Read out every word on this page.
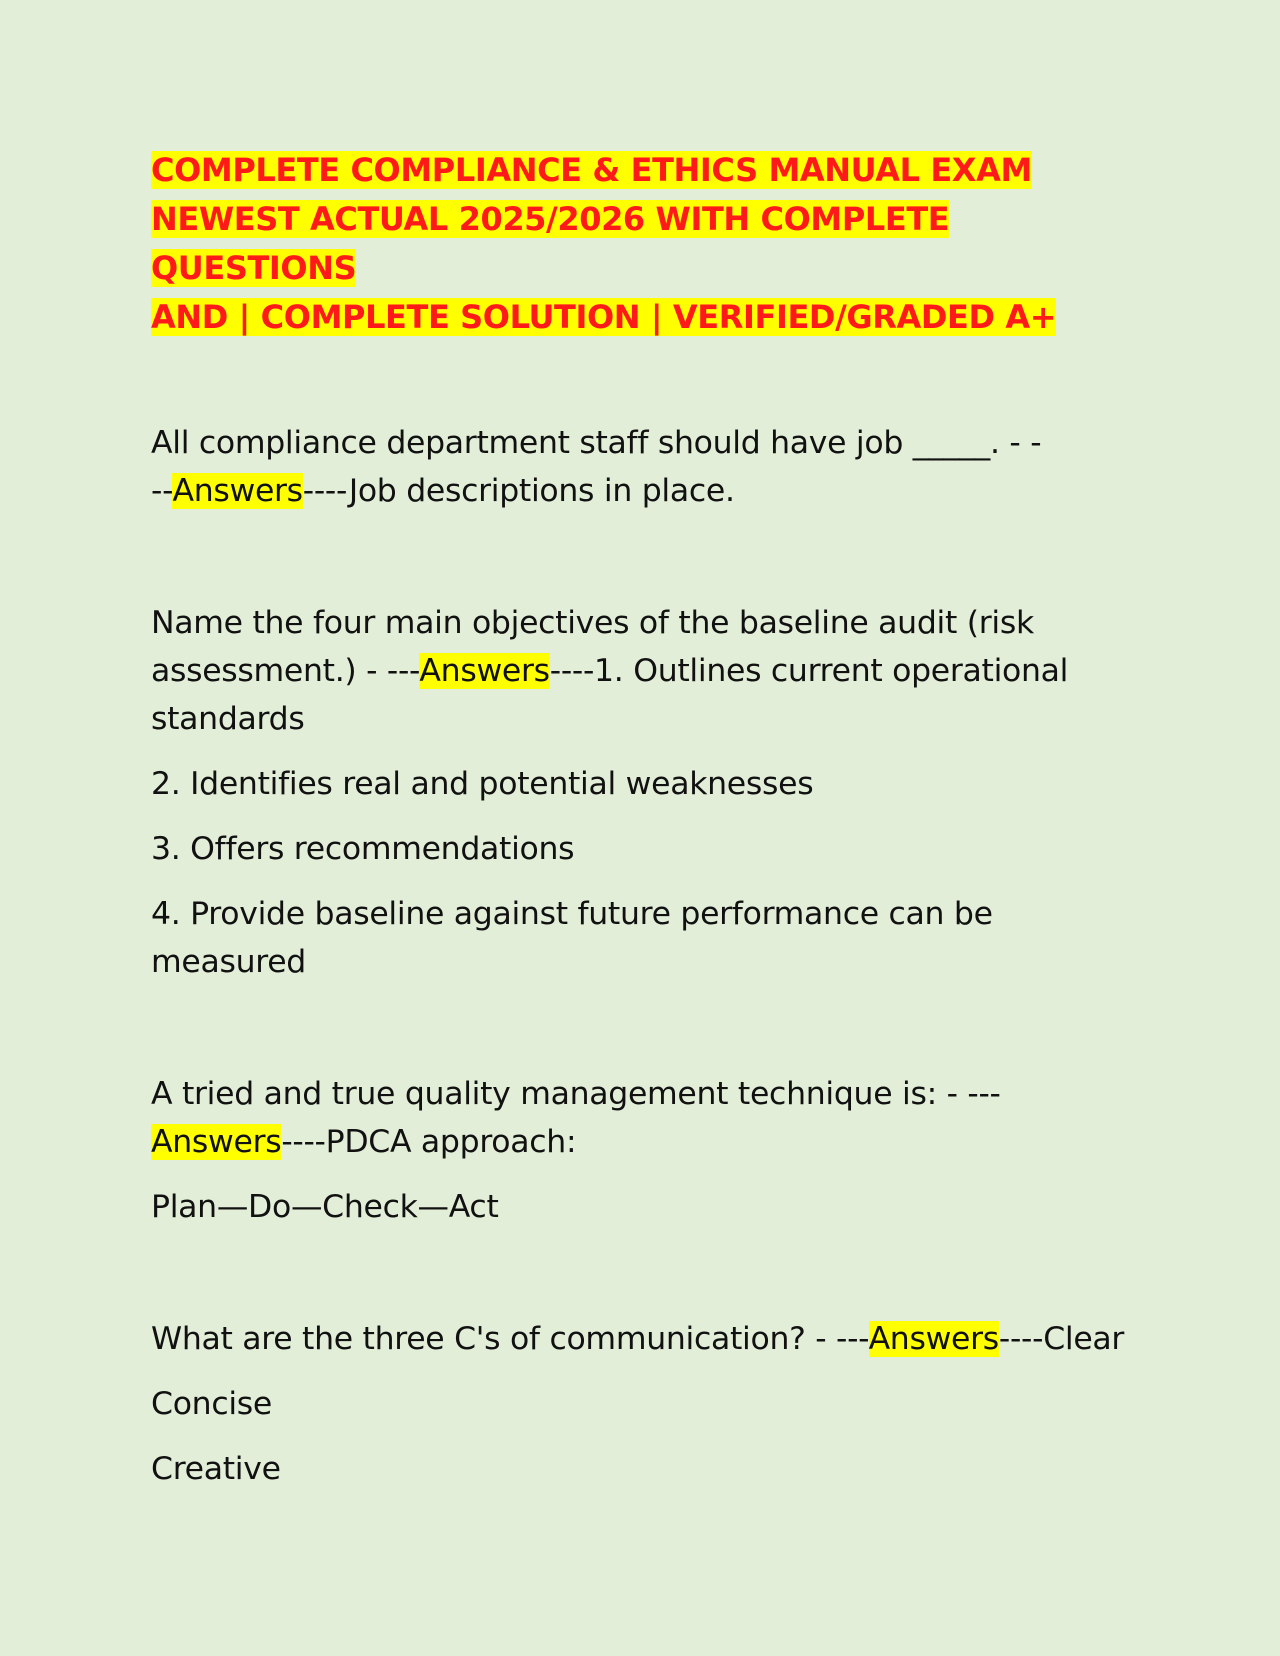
COMPLETE COMPLIANCE & ETHICS MANUAL EXAM
NEWEST ACTUAL 2025/2026 WITH COMPLETE QUESTIONS
AND | COMPLETE SOLUTION | VERIFIED/GRADED A+

All compliance department staff should have job _____. - -
--Answers----Job descriptions in place.

Name the four main objectives of the baseline audit (risk assessment.) - ---Answers----1. Outlines current operational standards
2. Identifies real and potential weaknesses
3. Offers recommendations
4. Provide baseline against future performance can be measured

A tried and true quality management technique is: - ---
Answers----PDCA approach:
Plan—Do—Check—Act

What are the three C's of communication? - ---Answers----Clear
Concise
Creative
